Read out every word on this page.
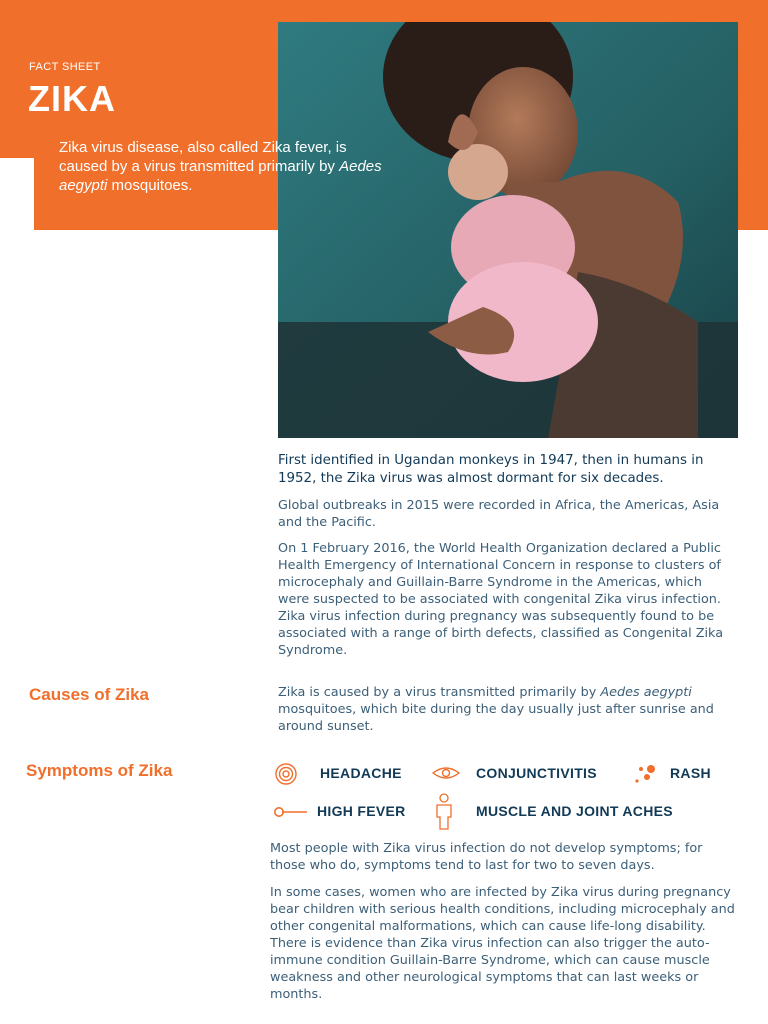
FACT SHEET
ZIKA
Zika virus disease, also called Zika fever, is caused by a virus transmitted primarily by Aedes aegypti mosquitoes.

First identified in Ugandan monkeys in 1947, then in humans in 1952, the Zika virus was almost dormant for six decades.

Global outbreaks in 2015 were recorded in Africa, the Americas, Asia and the Pacific.

On 1 February 2016, the World Health Organization declared a Public Health Emergency of International Concern in response to clusters of microcephaly and Guillain-Barre Syndrome in the Americas, which were suspected to be associated with congenital Zika virus infection. Zika virus infection during pregnancy was subsequently found to be associated with a range of birth defects, classified as Congenital Zika Syndrome.

Causes of Zika	Zika is caused by a virus transmitted primarily by Aedes aegypti mosquitoes, which bite during the day usually just after sunrise and around sunset.

Symptoms of Zika	HEADACHE	CONJUNCTIVITIS	RASH
HIGH FEVER	MUSCLE AND JOINT ACHES

Most people with Zika virus infection do not develop symptoms; for those who do, symptoms tend to last for two to seven days.

In some cases, women who are infected by Zika virus during pregnancy bear children with serious health conditions, including microcephaly and other congenital malformations, which can cause life-long disability. There is evidence than Zika virus infection can also trigger the auto-immune condition Guillain-Barre Syndrome, which can cause muscle weakness and other neurological symptoms that can last weeks or months.
